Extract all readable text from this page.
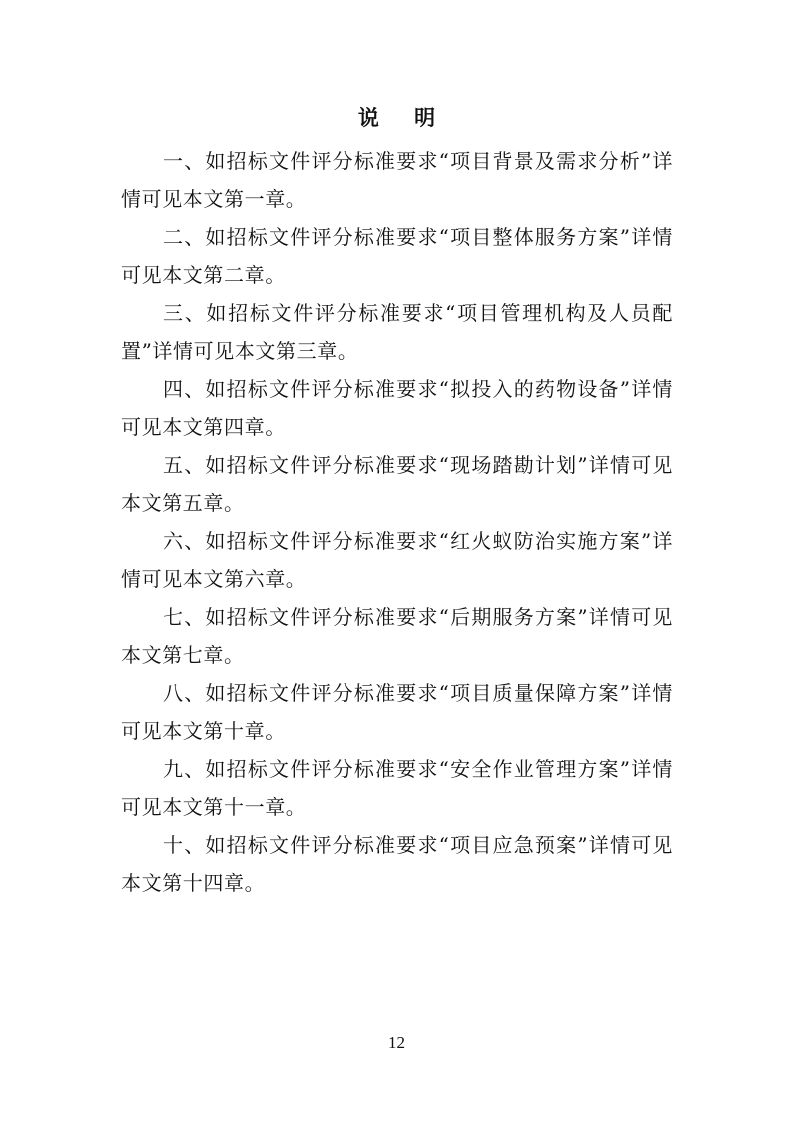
说 明

一、如招标文件评分标准要求“项目背景及需求分析”详情可见本文第一章。

二、如招标文件评分标准要求“项目整体服务方案”详情可见本文第二章。

三、如招标文件评分标准要求“项目管理机构及人员配置”详情可见本文第三章。

四、如招标文件评分标准要求“拟投入的药物设备”详情可见本文第四章。

五、如招标文件评分标准要求“现场踏勘计划”详情可见本文第五章。

六、如招标文件评分标准要求“红火蚁防治实施方案”详情可见本文第六章。

七、如招标文件评分标准要求“后期服务方案”详情可见本文第七章。

八、如招标文件评分标准要求“项目质量保障方案”详情可见本文第十章。

九、如招标文件评分标准要求“安全作业管理方案”详情可见本文第十一章。

十、如招标文件评分标准要求“项目应急预案”详情可见本文第十四章。

12
